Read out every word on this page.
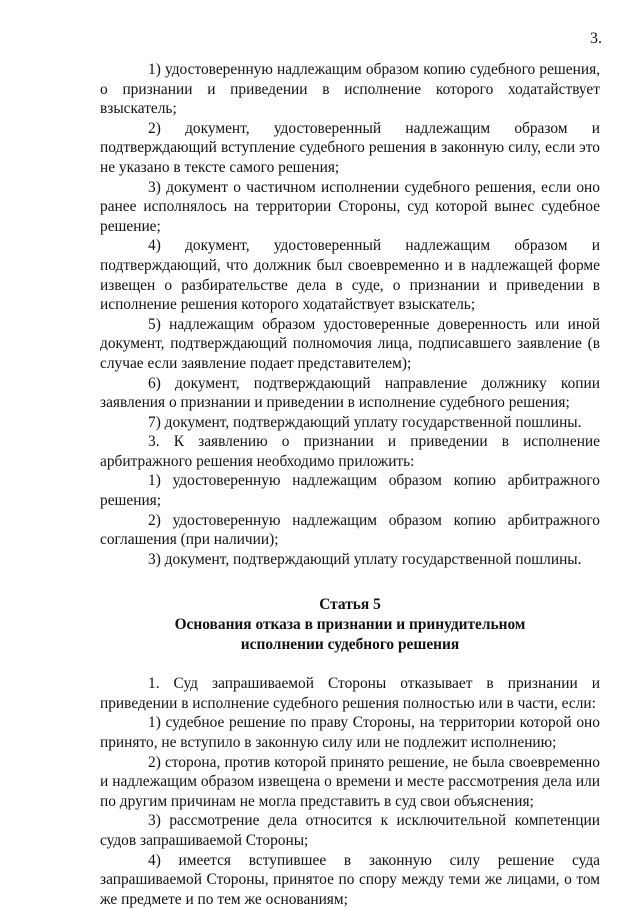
3.

1) удостоверенную надлежащим образом копию судебного решения, о признании и приведении в исполнение которого ходатайствует взыскатель;

2) документ, удостоверенный надлежащим образом и подтверждающий вступление судебного решения в законную силу, если это не указано в тексте самого решения;

3) документ о частичном исполнении судебного решения, если оно ранее исполнялось на территории Стороны, суд которой вынес судебное решение;

4) документ, удостоверенный надлежащим образом и подтверждающий, что должник был своевременно и в надлежащей форме извещен о разбирательстве дела в суде, о признании и приведении в исполнение решения которого ходатайствует взыскатель;

5) надлежащим образом удостоверенные доверенность или иной документ, подтверждающий полномочия лица, подписавшего заявление (в случае если заявление подает представителем);

6) документ, подтверждающий направление должнику копии заявления о признании и приведении в исполнение судебного решения;

7) документ, подтверждающий уплату государственной пошлины.

3. К заявлению о признании и приведении в исполнение арбитражного решения необходимо приложить:

1) удостоверенную надлежащим образом копию арбитражного решения;

2) удостоверенную надлежащим образом копию арбитражного соглашения (при наличии);

3) документ, подтверждающий уплату государственной пошлины.

Статья 5

Основания отказа в признании и принудительном

исполнении судебного решения

1. Суд запрашиваемой Стороны отказывает в признании и приведении в исполнение судебного решения полностью или в части, если:

1) судебное решение по праву Стороны, на территории которой оно принято, не вступило в законную силу или не подлежит исполнению;

2) сторона, против которой принято решение, не была своевременно и надлежащим образом извещена о времени и месте рассмотрения дела или по другим причинам не могла представить в суд свои объяснения;

3) рассмотрение дела относится к исключительной компетенции судов запрашиваемой Стороны;

4) имеется вступившее в законную силу решение суда запрашиваемой Стороны, принятое по спору между теми же лицами, о том же предмете и по тем же основаниям;
